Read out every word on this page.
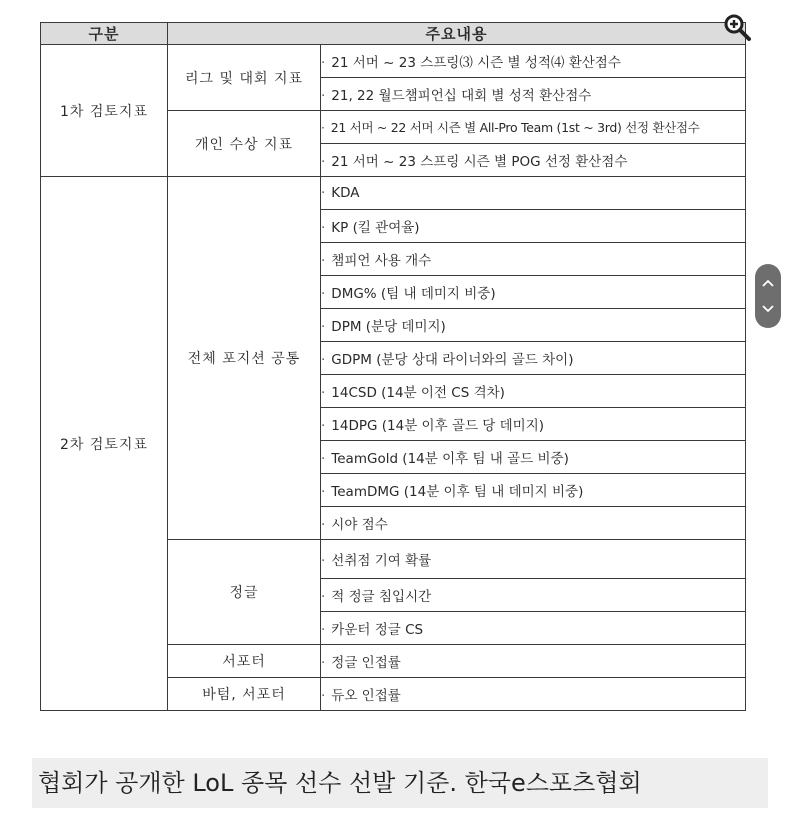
구분	주요내용	
1차 검토지표	리그 및 대회 지표	· 21 서머 ~ 23 스프링⑶ 시즌 별 성적⑷ 환산점수
		· 21, 22 월드챔피언십 대회 별 성적 환산점수
	개인 수상 지표	· 21 서머 ~ 22 서머 시즌 별 All-Pro Team (1st ~ 3rd) 선정 환산점수
		· 21 서머 ~ 23 스프링 시즌 별 POG 선정 환산점수
2차 검토지표	전체 포지션 공통	· KDA
		· KP (킬 관여율)
		· 챔피언 사용 개수
		· DMG% (팀 내 데미지 비중)
		· DPM (분당 데미지)
		· GDPM (분당 상대 라이너와의 골드 차이)
		· 14CSD (14분 이전 CS 격차)
		· 14DPG (14분 이후 골드 당 데미지)
		· TeamGold (14분 이후 팀 내 골드 비중)
		· TeamDMG (14분 이후 팀 내 데미지 비중)
		· 시야 점수
	정글	· 선취점 기여 확률
		· 적 정글 침입시간
		· 카운터 정글 CS
	서포터	· 정글 인접률
	바텀, 서포터	· 듀오 인접률
협회가 공개한 LoL 종목 선수 선발 기준. 한국e스포츠협회
